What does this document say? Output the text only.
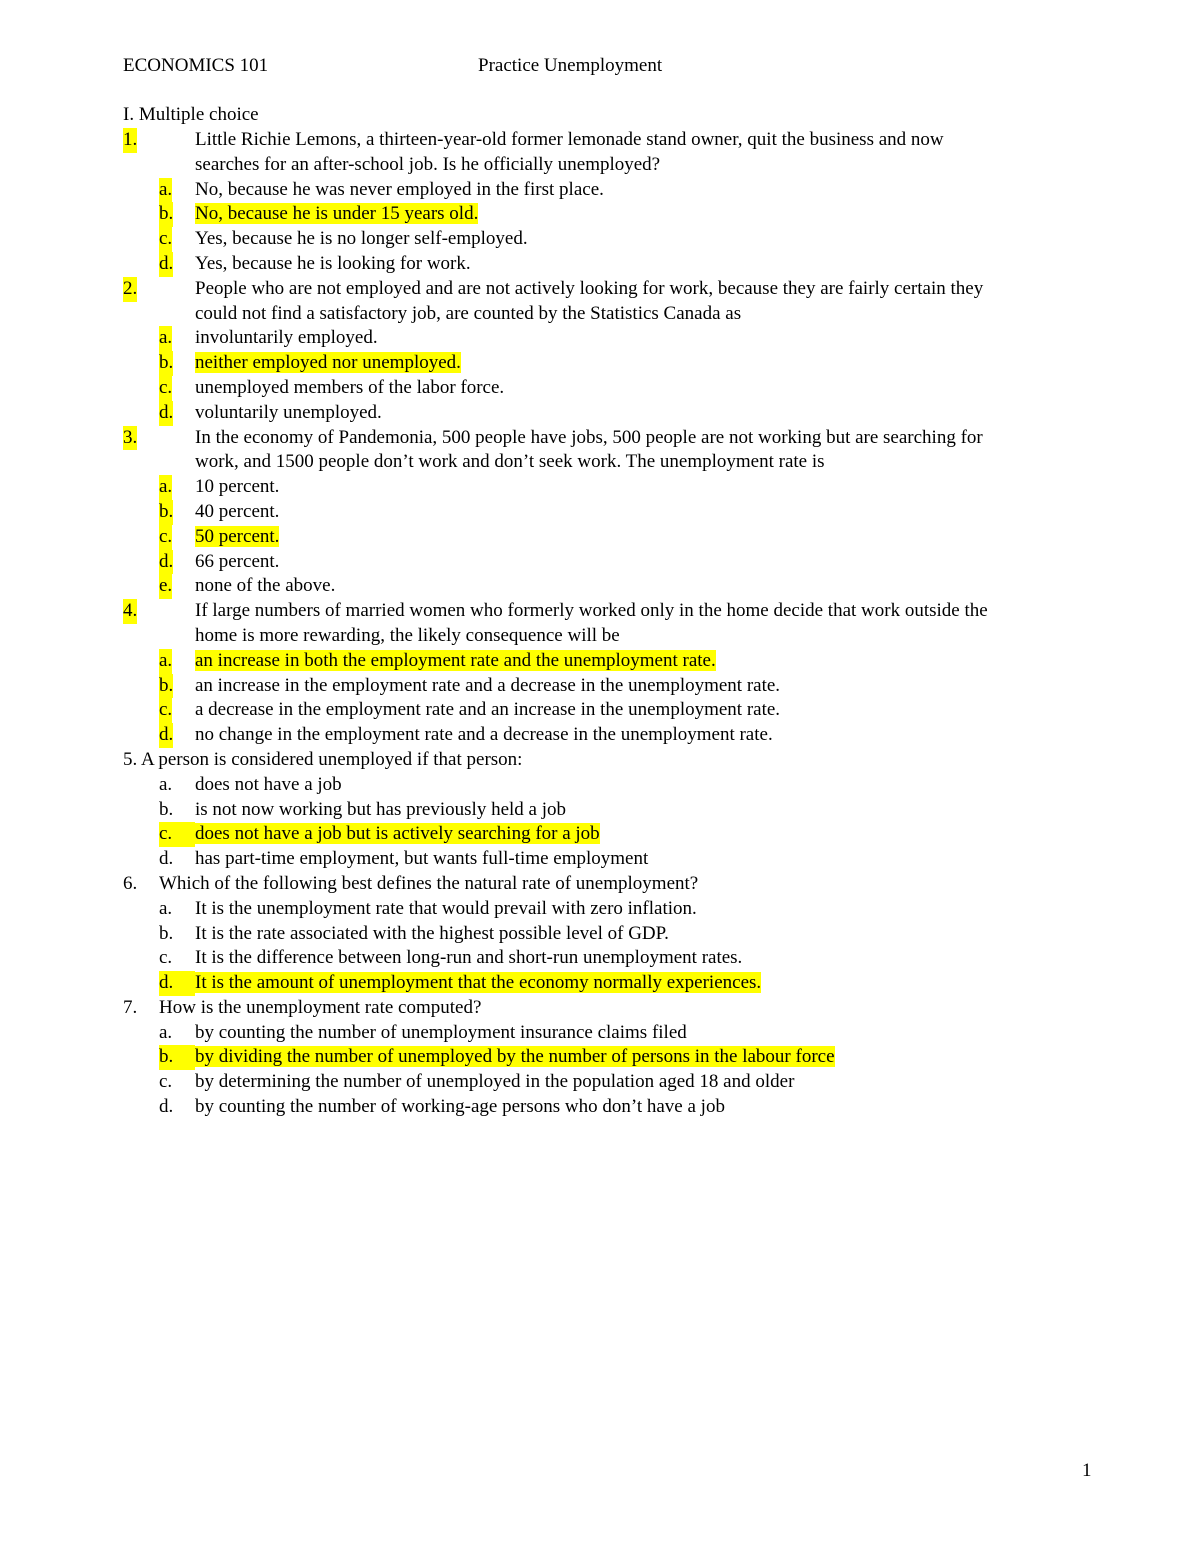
ECONOMICS 101	Practice Unemployment
I. Multiple choice
1.	Little Richie Lemons, a thirteen-year-old former lemonade stand owner, quit the business and now
searches for an after-school job. Is he officially unemployed?
a. No, because he was never employed in the first place.
b. No, because he is under 15 years old.
c. Yes, because he is no longer self-employed.
d. Yes, because he is looking for work.
2.	People who are not employed and are not actively looking for work, because they are fairly certain they
could not find a satisfactory job, are counted by the Statistics Canada as
a. involuntarily employed.
b. neither employed nor unemployed.
c. unemployed members of the labor force.
d. voluntarily unemployed.
3.	In the economy of Pandemonia, 500 people have jobs, 500 people are not working but are searching for
work, and 1500 people don’t work and don’t seek work. The unemployment rate is
a. 10 percent.
b. 40 percent.
c. 50 percent.
d. 66 percent.
e. none of the above.
4.	If large numbers of married women who formerly worked only in the home decide that work outside the
home is more rewarding, the likely consequence will be
a. an increase in both the employment rate and the unemployment rate.
b. an increase in the employment rate and a decrease in the unemployment rate.
c. a decrease in the employment rate and an increase in the unemployment rate.
d. no change in the employment rate and a decrease in the unemployment rate.
5. A person is considered unemployed if that person:
a. does not have a job
b. is not now working but has previously held a job
c.	does not have a job but is actively searching for a job
d. has part-time employment, but wants full-time employment
6. Which of the following best defines the natural rate of unemployment?
a. It is the unemployment rate that would prevail with zero inflation.
b. It is the rate associated with the highest possible level of GDP.
c. It is the difference between long-run and short-run unemployment rates.
d.	It is the amount of unemployment that the economy normally experiences.
7. How is the unemployment rate computed?
a. by counting the number of unemployment insurance claims filed
b.	by dividing the number of unemployed by the number of persons in the labour force
c. by determining the number of unemployed in the population aged 18 and older
d. by counting the number of working-age persons who don’t have a job
1
